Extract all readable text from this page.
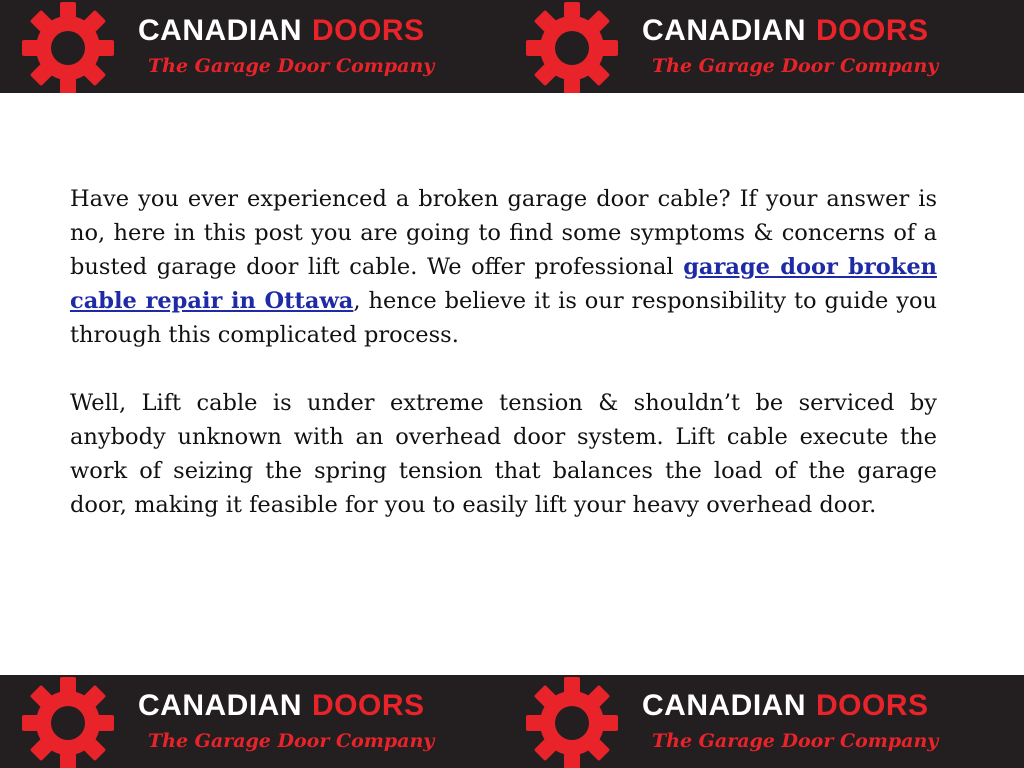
CANADIAN DOORS
The Garage Door Company
CANADIAN DOORS
The Garage Door Company

Have you ever experienced a broken garage door cable? If your answer is no, here in this post you are going to find some symptoms & concerns of a busted garage door lift cable. We offer professional garage door broken cable repair in Ottawa, hence believe it is our responsibility to guide you through this complicated process.

Well, Lift cable is under extreme tension & shouldn’t be serviced by anybody unknown with an overhead door system. Lift cable execute the work of seizing the spring tension that balances the load of the garage door, making it feasible for you to easily lift your heavy overhead door.

CANADIAN DOORS
The Garage Door Company
CANADIAN DOORS
The Garage Door Company
